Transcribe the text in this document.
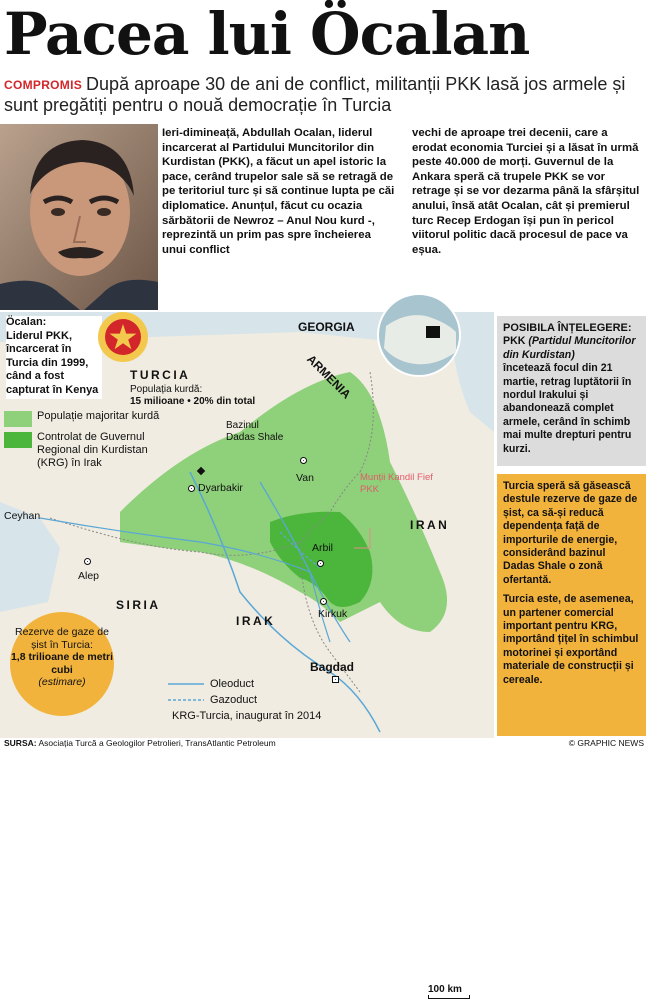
Pacea lui Öcalan
COMPROMIS După aproape 30 de ani de conflict, militanții PKK lasă jos armele și sunt pregătiți pentru o nouă democrație în Turcia
Ieri-dimineață, Abdullah Ocalan, liderul incarcerat al Partidului Muncitorilor din Kurdistan (PKK), a făcut un apel istoric la pace, cerând trupelor sale să se retragă de pe teritoriul turc și să continue lupta pe căi diplomatice. Anunțul, făcut cu ocazia sărbătorii de Newroz – Anul Nou kurd -, reprezintă un prim pas spre încheierea unui conflict
vechi de aproape trei decenii, care a erodat economia Turciei și a lăsat în urmă peste 40.000 de morți. Guvernul de la Ankara speră că trupele PKK se vor retrage și se vor dezarma până la sfârșitul anului, însă atât Ocalan, cât și premierul turc Recep Erdogan își pun în pericol viitorul politic dacă procesul de pace va eșua.
TURCIA
Populația kurdă:
15 milioane • 20% din total
GEORGIA
ARMENIA
IRAN
SIRIA
IRAK
Dyarbakir
Van
Ceyhan
Alep
Arbil
Kirkuk
Bagdad
Bazinul Dadas Shale
Munții Kandil Fief PKK
100 km
Oleoduct
Gazoduct
KRG-Turcia, inaugurat în 2014
Öcalan:
Liderul PKK, încarcerat în Turcia din 1999, când a fost capturat în Kenya
Populație majoritar kurdă
Controlat de Guvernul Regional din Kurdistan (KRG) în Irak
Rezerve de gaze de șist în Turcia:
1,8 trilioane de metri cubi
(estimare)
POSIBILA ÎNȚELEGERE:
PKK (Partidul Muncitorilor din Kurdistan)
încetează focul din 21 martie, retrag luptătorii în nordul Irakului și abandonează complet armele, cerând în schimb mai multe drepturi pentru kurzi.
Turcia speră să găsească destule rezerve de gaze de șist, ca să-și reducă dependența față de importurile de energie, considerând bazinul Dadas Shale o zonă ofertantă.
Turcia este, de asemenea, un partener comercial important pentru KRG, importând țițel în schimbul motorinei și exportând materiale de construcții și cereale.
SURSA: Asociația Turcă a Geologilor Petrolieri, TransAtlantic Petroleum	© GRAPHIC NEWS
